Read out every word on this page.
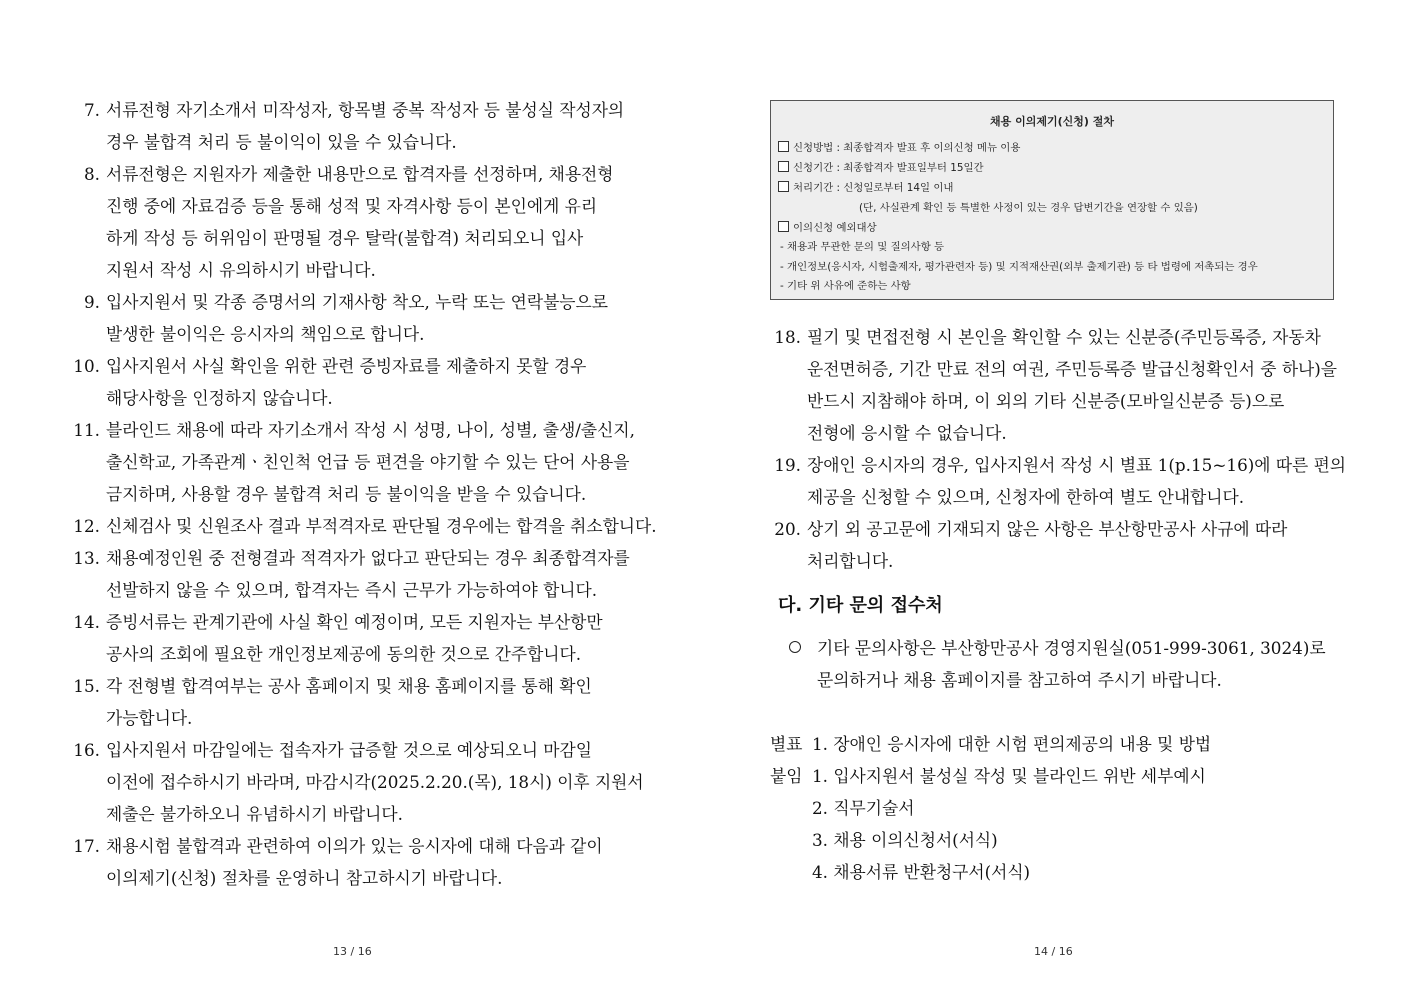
7. 서류전형 자기소개서 미작성자, 항목별 중복 작성자 등 불성실 작성자의
경우 불합격 처리 등 불이익이 있을 수 있습니다.
8. 서류전형은 지원자가 제출한 내용만으로 합격자를 선정하며, 채용전형
진행 중에 자료검증 등을 통해 성적 및 자격사항 등이 본인에게 유리
하게 작성 등 허위임이 판명될 경우 탈락(불합격) 처리되오니 입사
지원서 작성 시 유의하시기 바랍니다.
9. 입사지원서 및 각종 증명서의 기재사항 착오, 누락 또는 연락불능으로
발생한 불이익은 응시자의 책임으로 합니다.
10. 입사지원서 사실 확인을 위한 관련 증빙자료를 제출하지 못할 경우
해당사항을 인정하지 않습니다.
11. 블라인드 채용에 따라 자기소개서 작성 시 성명, 나이, 성별, 출생/출신지,
출신학교, 가족관계ㆍ친인척 언급 등 편견을 야기할 수 있는 단어 사용을
금지하며, 사용할 경우 불합격 처리 등 불이익을 받을 수 있습니다.
12. 신체검사 및 신원조사 결과 부적격자로 판단될 경우에는 합격을 취소합니다.
13. 채용예정인원 중 전형결과 적격자가 없다고 판단되는 경우 최종합격자를
선발하지 않을 수 있으며, 합격자는 즉시 근무가 가능하여야 합니다.
14. 증빙서류는 관계기관에 사실 확인 예정이며, 모든 지원자는 부산항만
공사의 조회에 필요한 개인정보제공에 동의한 것으로 간주합니다.
15. 각 전형별 합격여부는 공사 홈페이지 및 채용 홈페이지를 통해 확인
가능합니다.
16. 입사지원서 마감일에는 접속자가 급증할 것으로 예상되오니 마감일
이전에 접수하시기 바라며, 마감시각(2025.2.20.(목), 18시) 이후 지원서
제출은 불가하오니 유념하시기 바랍니다.
17. 채용시험 불합격과 관련하여 이의가 있는 응시자에 대해 다음과 같이
이의제기(신청) 절차를 운영하니 참고하시기 바랍니다.
13 / 16
채용 이의제기(신청) 절차
신청방법 : 최종합격자 발표 후 이의신청 메뉴 이용
신청기간 : 최종합격자 발표일부터 15일간
처리기간 : 신청일로부터 14일 이내
(단, 사실관계 확인 등 특별한 사정이 있는 경우 답변기간을 연장할 수 있음)
이의신청 예외대상
- 채용과 무관한 문의 및 질의사항 등
- 개인정보(응시자, 시험출제자, 평가관련자 등) 및 지적재산권(외부 출제기관) 등 타 법령에 저촉되는 경우
- 기타 위 사유에 준하는 사항
18. 필기 및 면접전형 시 본인을 확인할 수 있는 신분증(주민등록증, 자동차
운전면허증, 기간 만료 전의 여권, 주민등록증 발급신청확인서 중 하나)을
반드시 지참해야 하며, 이 외의 기타 신분증(모바일신분증 등)으로
전형에 응시할 수 없습니다.
19. 장애인 응시자의 경우, 입사지원서 작성 시 별표 1(p.15~16)에 따른 편의
제공을 신청할 수 있으며, 신청자에 한하여 별도 안내합니다.
20. 상기 외 공고문에 기재되지 않은 사항은 부산항만공사 사규에 따라
처리합니다.
다. 기타 문의 접수처
기타 문의사항은 부산항만공사 경영지원실(051-999-3061, 3024)로
문의하거나 채용 홈페이지를 참고하여 주시기 바랍니다.
별표 1. 장애인 응시자에 대한 시험 편의제공의 내용 및 방법
붙임 1. 입사지원서 불성실 작성 및 블라인드 위반 세부예시
2. 직무기술서
3. 채용 이의신청서(서식)
4. 채용서류 반환청구서(서식)
14 / 16
